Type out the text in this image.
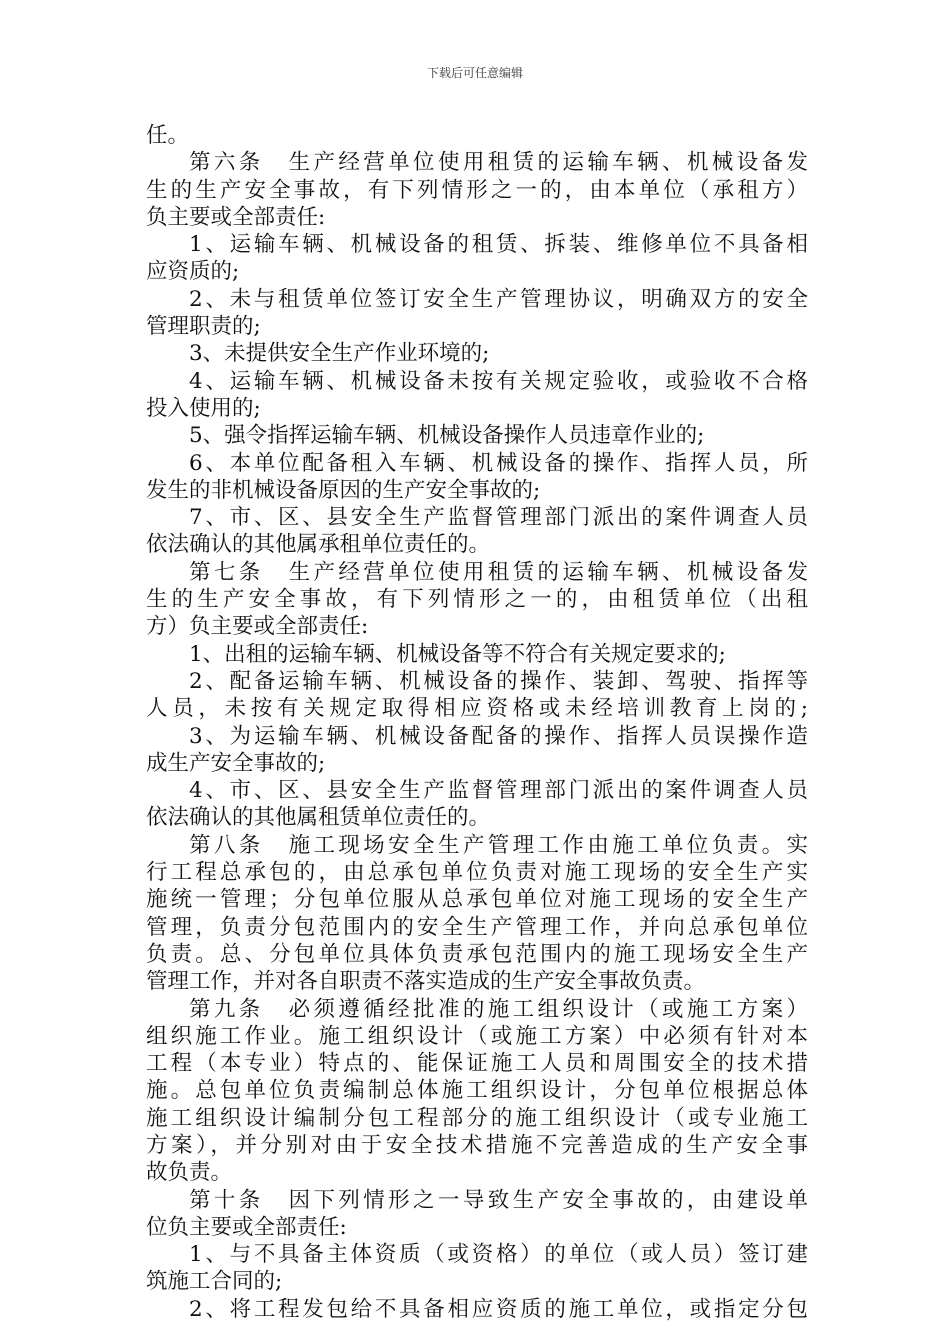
下载后可任意编辑
任。
第六条　生产经营单位使用租赁的运输车辆、机械设备发
生的生产安全事故，有下列情形之一的，由本单位（承租方）
负主要或全部责任:
1、运输车辆、机械设备的租赁、拆装、维修单位不具备相
应资质的;
2、未与租赁单位签订安全生产管理协议，明确双方的安全
管理职责的;
3、未提供安全生产作业环境的;
4、运输车辆、机械设备未按有关规定验收，或验收不合格
投入使用的;
5、强令指挥运输车辆、机械设备操作人员违章作业的;
6、本单位配备租入车辆、机械设备的操作、指挥人员，所
发生的非机械设备原因的生产安全事故的;
7、市、区、县安全生产监督管理部门派出的案件调查人员
依法确认的其他属承租单位责任的。
第七条　生产经营单位使用租赁的运输车辆、机械设备发
生的生产安全事故，有下列情形之一的，由租赁单位（出租
方）负主要或全部责任:
1、出租的运输车辆、机械设备等不符合有关规定要求的;
2、配备运输车辆、机械设备的操作、装卸、驾驶、指挥等
人员，未按有关规定取得相应资格或未经培训教育上岗的;
3、为运输车辆、机械设备配备的操作、指挥人员误操作造
成生产安全事故的;
4、市、区、县安全生产监督管理部门派出的案件调查人员
依法确认的其他属租赁单位责任的。
第八条　施工现场安全生产管理工作由施工单位负责。实
行工程总承包的，由总承包单位负责对施工现场的安全生产实
施统一管理；分包单位服从总承包单位对施工现场的安全生产
管理，负责分包范围内的安全生产管理工作，并向总承包单位
负责。总、分包单位具体负责承包范围内的施工现场安全生产
管理工作，并对各自职责不落实造成的生产安全事故负责。
第九条　必须遵循经批准的施工组织设计（或施工方案）
组织施工作业。施工组织设计（或施工方案）中必须有针对本
工程（本专业）特点的、能保证施工人员和周围安全的技术措
施。总包单位负责编制总体施工组织设计，分包单位根据总体
施工组织设计编制分包工程部分的施工组织设计（或专业施工
方案），并分别对由于安全技术措施不完善造成的生产安全事
故负责。
第十条　因下列情形之一导致生产安全事故的，由建设单
位负主要或全部责任:
1、与不具备主体资质（或资格）的单位（或人员）签订建
筑施工合同的;
2、将工程发包给不具备相应资质的施工单位，或指定分包
